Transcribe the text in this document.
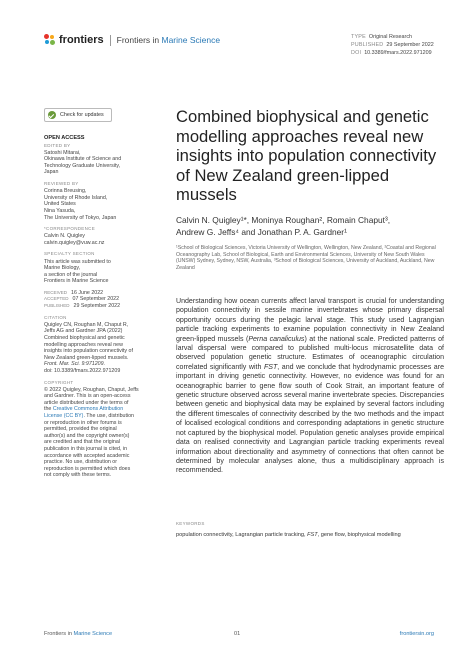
frontiers Frontiers in Marine Science	TYPE Original Research
PUBLISHED 29 September 2022
DOI 10.3389/fmars.2022.971209
Check for updates
OPEN ACCESS
EDITED BY
Satoshi Mitarai,
Okinawa Institute of Science and
Technology Graduate University,
Japan
REVIEWED BY
Corinna Breusing,
University of Rhode Island,
United States
Nina Yasuda,
The University of Tokyo, Japan
*CORRESPONDENCE
Calvin N. Quigley
calvin.quigley@vuw.ac.nz
SPECIALTY SECTION
This article was submitted to
Marine Biology,
a section of the journal
Frontiers in Marine Science
RECEIVED 16 June 2022
ACCEPTED 07 September 2022
PUBLISHED 29 September 2022
CITATION
Quigley CN, Roughan M, Chaput R,
Jeffs AG and Gardner JPA (2022)
Combined biophysical and genetic
modelling approaches reveal new
insights into population connectivity of
New Zealand green-lipped mussels.
Front. Mar. Sci. 9:971209.
doi: 10.3389/fmars.2022.971209
COPYRIGHT
© 2022 Quigley, Roughan, Chaput, Jeffs
and Gardner. This is an open-access
article distributed under the terms of
the Creative Commons Attribution
License (CC BY). The use, distribution
or reproduction in other forums is
permitted, provided the original
author(s) and the copyright owner(s)
are credited and that the original
publication in this journal is cited, in
accordance with accepted academic
practice. No use, distribution or
reproduction is permitted which does
not comply with these terms.
Combined biophysical and genetic modelling approaches reveal new insights into population connectivity of New Zealand green-lipped mussels
Calvin N. Quigley¹*, Moninya Roughan², Romain Chaput³,
Andrew G. Jeffs⁴ and Jonathan P. A. Gardner¹
¹School of Biological Sciences, Victoria University of Wellington, Wellington, New Zealand, ²Coastal and Regional Oceanography Lab, School of Biological, Earth and Environmental Sciences, University of New South Wales (UNSW) Sydney, Sydney, NSW, Australia, ³School of Biological Sciences, University of Auckland, Auckland, New Zealand
Understanding how ocean currents affect larval transport is crucial for understanding population connectivity in sessile marine invertebrates whose primary dispersal opportunity occurs during the pelagic larval stage. This study used Lagrangian particle tracking experiments to examine population connectivity in New Zealand green-lipped mussels (Perna canaliculus) at the national scale. Predicted patterns of larval dispersal were compared to published multi-locus microsatellite data of observed population genetic structure. Estimates of oceanographic circulation correlated significantly with FST, and we conclude that hydrodynamic processes are important in driving genetic connectivity. However, no evidence was found for an oceanographic barrier to gene flow south of Cook Strait, an important feature of genetic structure observed across several marine invertebrate species. Discrepancies between genetic and biophysical data may be explained by several factors including the different timescales of connectivity described by the two methods and the impact of localised ecological conditions and corresponding adaptations in genetic structure not captured by the biophysical model. Population genetic analyses provide empirical data on realised connectivity and Lagrangian particle tracking experiments reveal information about directionality and asymmetry of connections that often cannot be determined by molecular analyses alone, thus a multidisciplinary approach is recommended.
KEYWORDS
population connectivity, Lagrangian particle tracking, FST, gene flow, biophysical modelling
Frontiers in Marine Science	01	frontiersin.org
